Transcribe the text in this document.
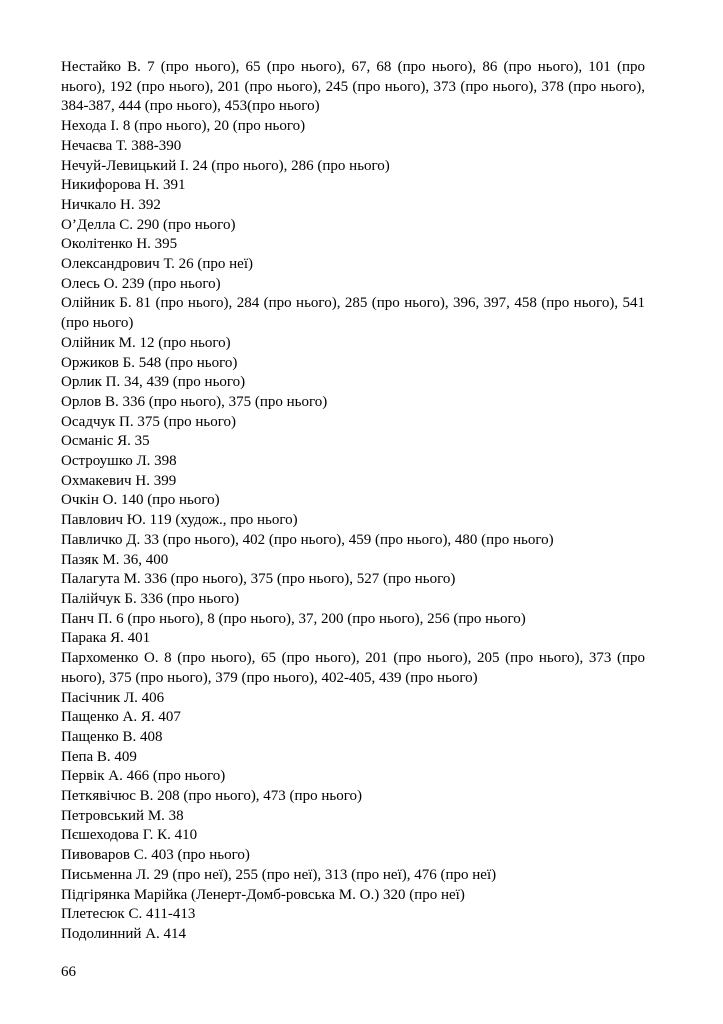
Нестайко В. 7 (про нього), 65 (про нього), 67, 68 (про нього), 86 (про нього), 101 (про нього), 192 (про нього), 201 (про нього), 245 (про нього), 373 (про нього), 378 (про нього), 384-387, 444 (про нього), 453(про нього)

Нехода І. 8 (про нього), 20 (про нього)

Нечаєва Т. 388-390

Нечуй-Левицький І. 24 (про нього), 286 (про нього)

Никифорова Н. 391

Ничкало Н. 392

О’Делла С. 290 (про нього)

Околітенко Н. 395

Олександрович Т. 26 (про неї)

Олесь О. 239 (про нього)

Олійник Б. 81 (про нього), 284 (про нього), 285 (про нього), 396, 397, 458 (про нього), 541 (про нього)

Олійник М. 12 (про нього)

Оржиков Б. 548 (про нього)

Орлик П. 34, 439 (про нього)

Орлов В. 336 (про нього), 375 (про нього)

Осадчук П. 375 (про нього)

Османіс Я. 35

Остроушко Л. 398

Охмакевич Н. 399

Очкін О. 140 (про нього)

Павлович Ю. 119 (худож., про нього)

Павличко Д. 33 (про нього), 402 (про нього), 459 (про нього), 480 (про нього)

Пазяк М. 36, 400

Палагута М. 336 (про нього), 375 (про нього), 527 (про нього)

Палійчук Б. 336 (про нього)

Панч П. 6 (про нього), 8 (про нього), 37, 200 (про нього), 256 (про нього)

Парака Я. 401

Пархоменко О. 8 (про нього), 65 (про нього), 201 (про нього), 205 (про нього), 373 (про нього), 375 (про нього), 379 (про нього), 402-405, 439 (про нього)

Пасічник Л. 406

Пащенко А. Я. 407

Пащенко В. 408

Пепа В. 409

Первік А. 466 (про нього)

Петкявічюс В. 208 (про нього), 473 (про нього)

Петровський М. 38

Пєшеходова Г. К. 410

Пивоваров С. 403 (про нього)

Письменна Л. 29 (про неї), 255 (про неї), 313 (про неї), 476 (про неї)

Підгірянка Марійка (Ленерт-Домб-ровська М. О.) 320 (про неї)

Плетесюк С. 411-413

Подолинний А. 414

66
